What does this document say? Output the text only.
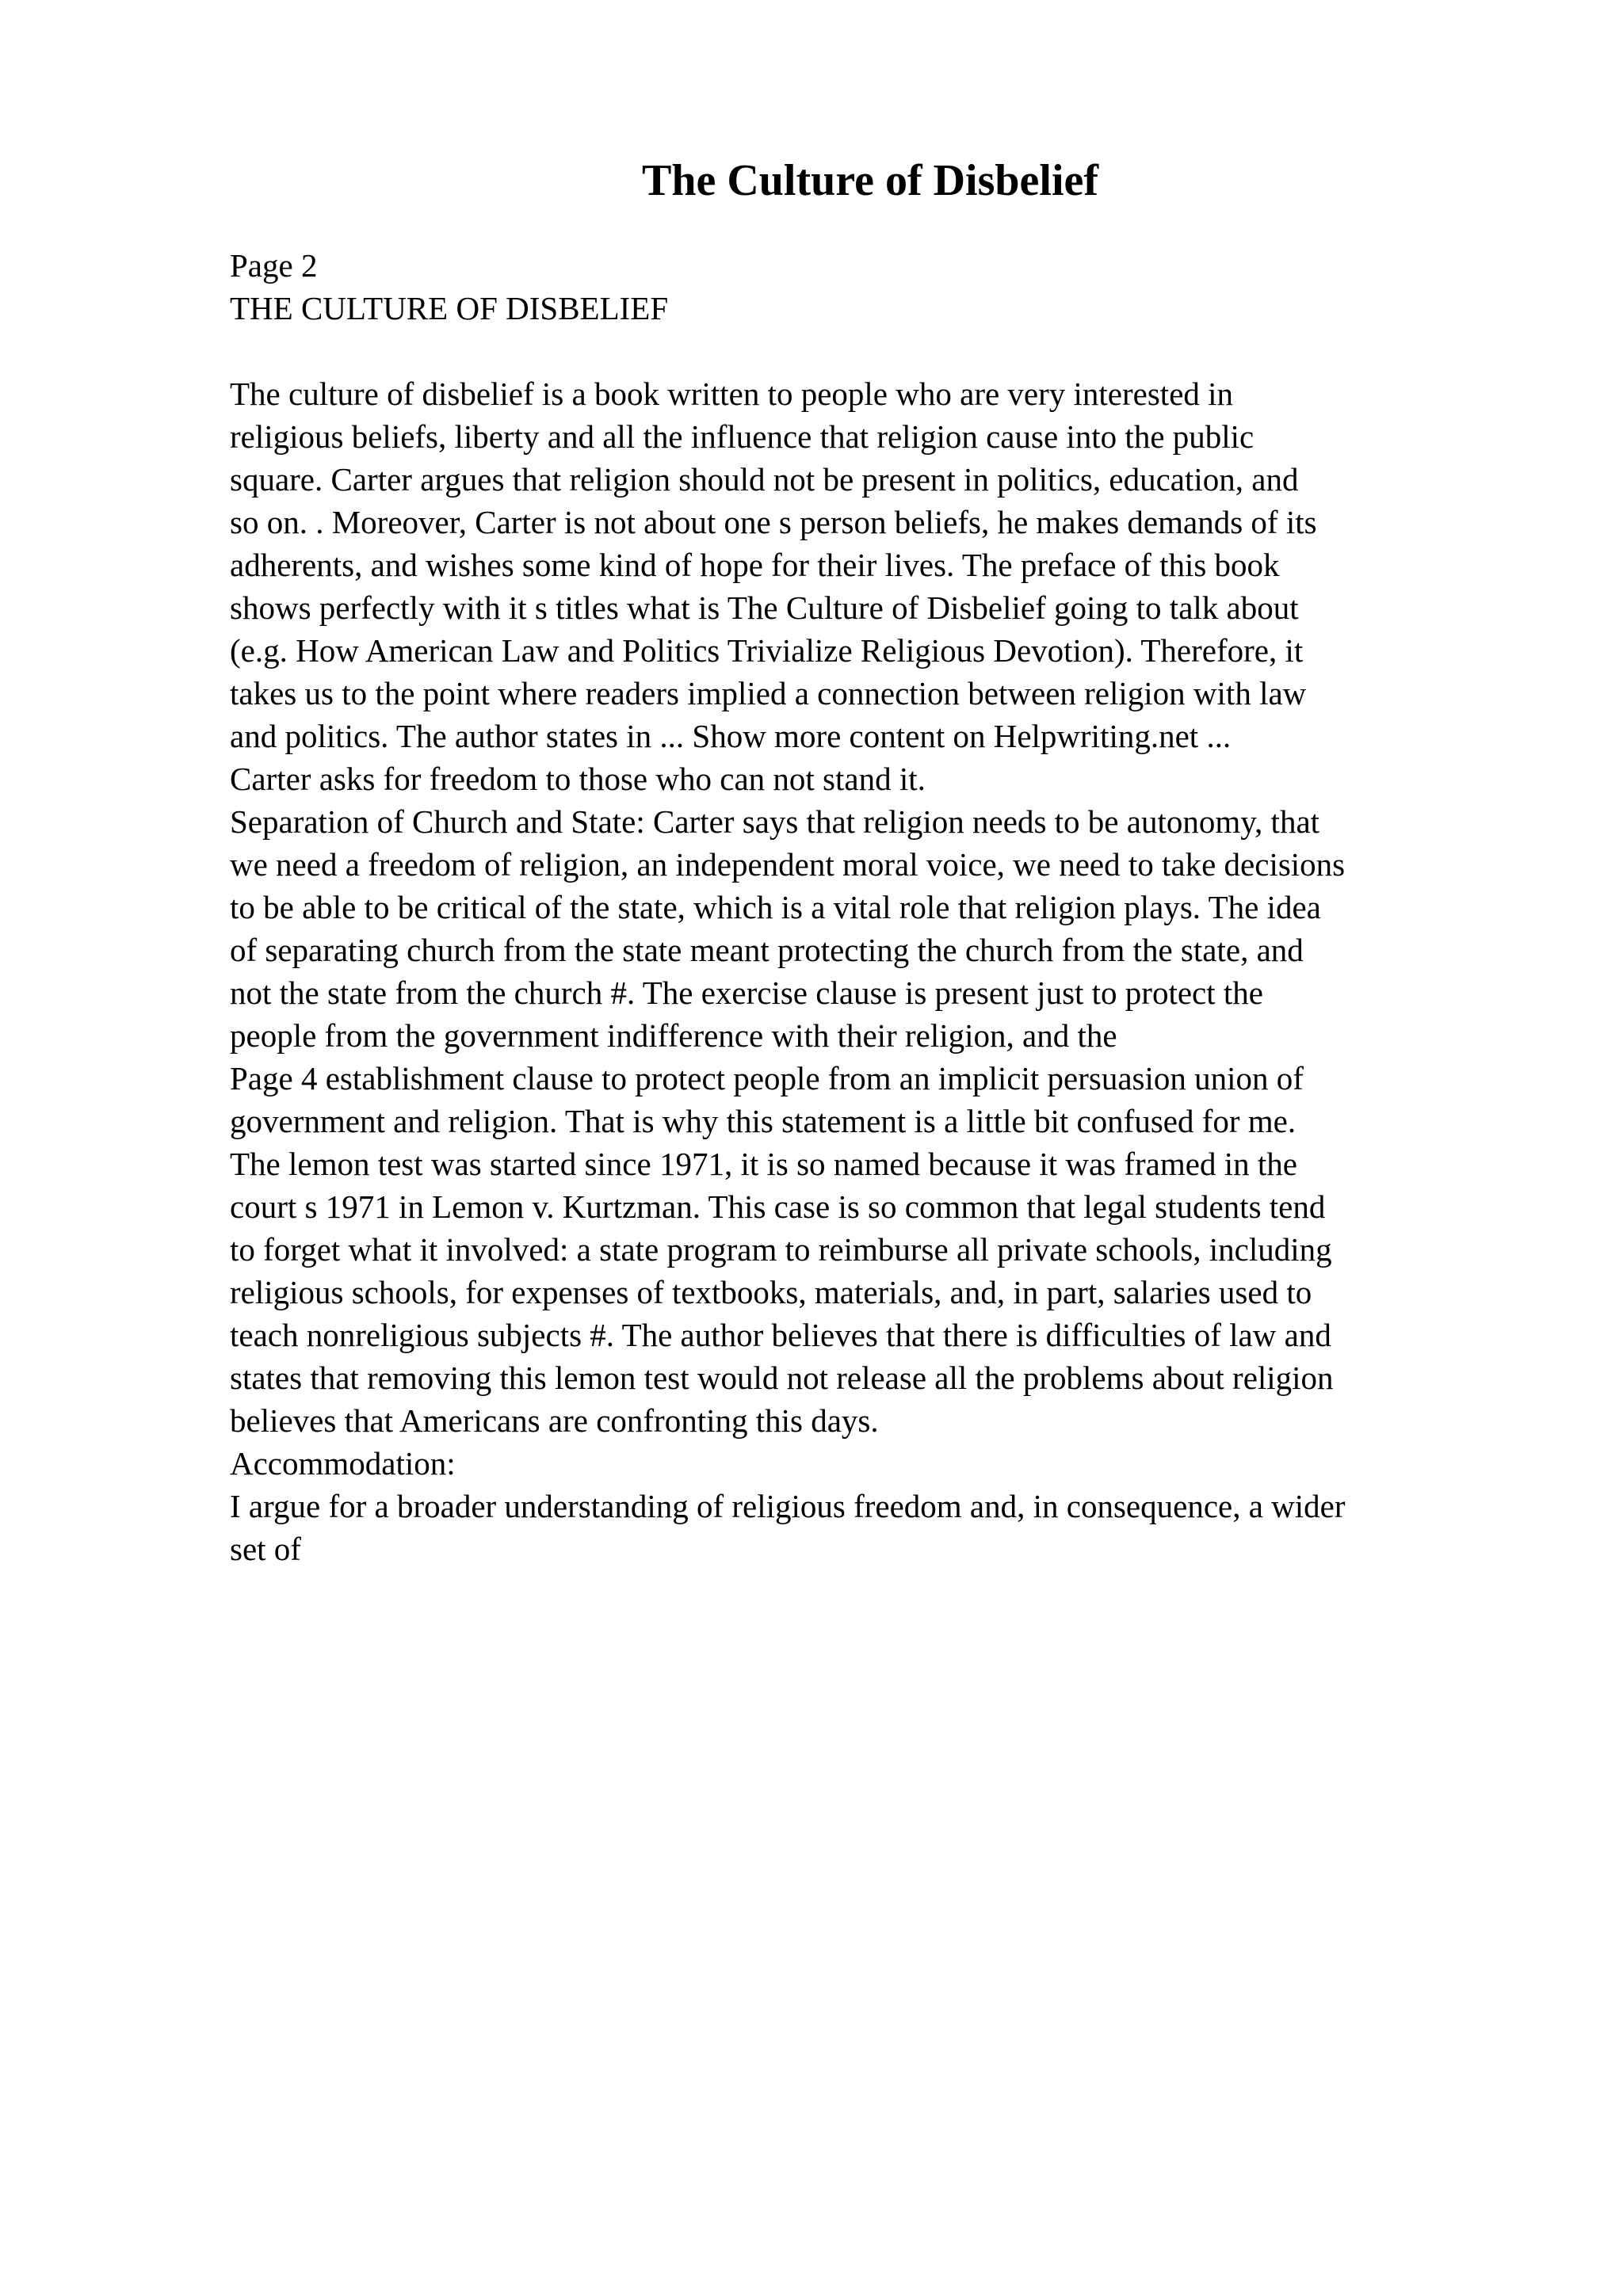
The Culture of Disbelief
Page 2
THE CULTURE OF DISBELIEF
The culture of disbelief is a book written to people who are very interested in
religious beliefs, liberty and all the influence that religion cause into the public
square. Carter argues that religion should not be present in politics, education, and
so on. . Moreover, Carter is not about one s person beliefs, he makes demands of its
adherents, and wishes some kind of hope for their lives. The preface of this book
shows perfectly with it s titles what is The Culture of Disbelief going to talk about
(e.g. How American Law and Politics Trivialize Religious Devotion). Therefore, it
takes us to the point where readers implied a connection between religion with law
and politics. The author states in ... Show more content on Helpwriting.net ...
Carter asks for freedom to those who can not stand it.
Separation of Church and State: Carter says that religion needs to be autonomy, that
we need a freedom of religion, an independent moral voice, we need to take decisions
to be able to be critical of the state, which is a vital role that religion plays. The idea
of separating church from the state meant protecting the church from the state, and
not the state from the church #. The exercise clause is present just to protect the
people from the government indifference with their religion, and the
Page 4 establishment clause to protect people from an implicit persuasion union of
government and religion. That is why this statement is a little bit confused for me.
The lemon test was started since 1971, it is so named because it was framed in the
court s 1971 in Lemon v. Kurtzman. This case is so common that legal students tend
to forget what it involved: a state program to reimburse all private schools, including
religious schools, for expenses of textbooks, materials, and, in part, salaries used to
teach nonreligious subjects #. The author believes that there is difficulties of law and
states that removing this lemon test would not release all the problems about religion
believes that Americans are confronting this days.
Accommodation:
I argue for a broader understanding of religious freedom and, in consequence, a wider
set of
